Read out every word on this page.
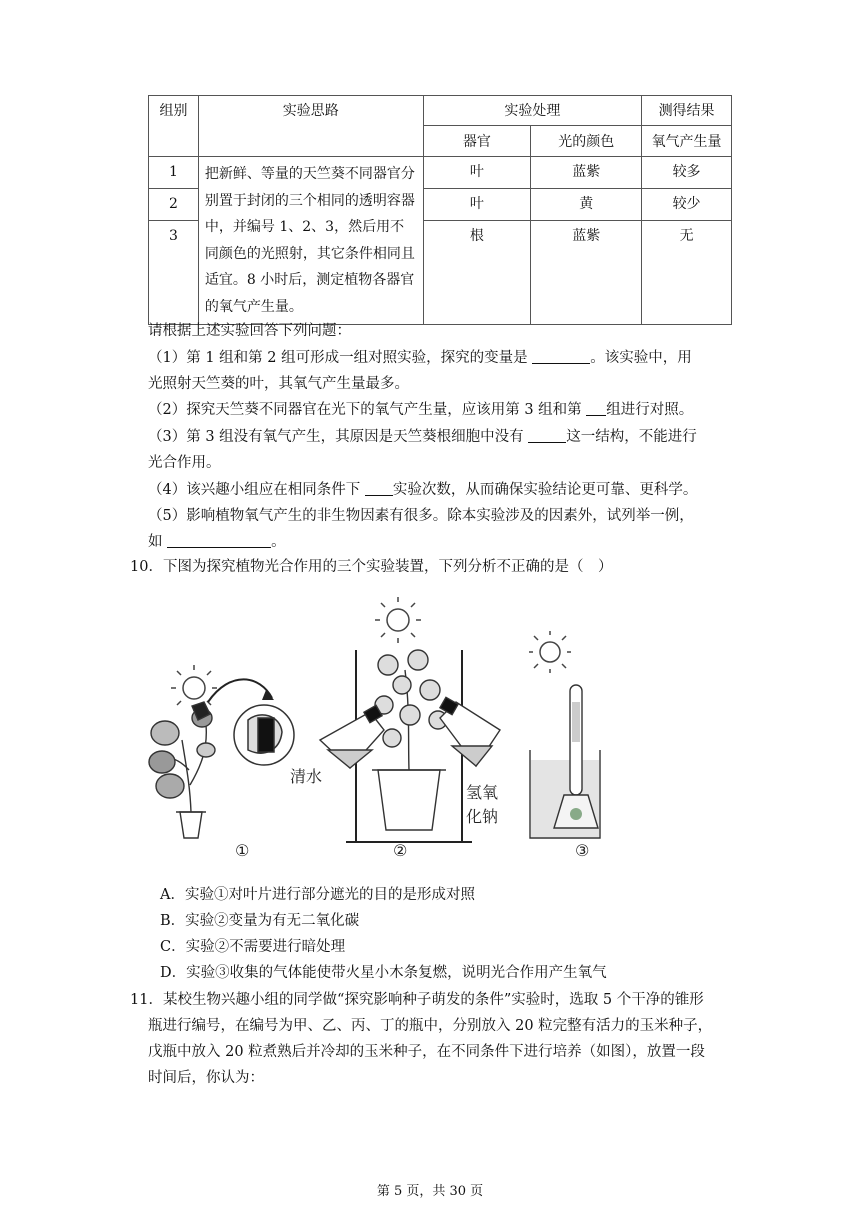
组别	实验思路	实验处理		测得结果
		器官	光的颜色	氧气产生量
1	把新鲜、等量的天竺葵不同器官分别置于封闭的三个相同的透明容器中，并编号 1、2、3，然后用不同颜色的光照射，其它条件相同且适宜。8 小时后，测定植物各器官的氧气产生量。	叶	蓝紫	较多
2		叶	黄	较少
3		根	蓝紫	无
请根据上述实验回答下列问题：
（1）第 1 组和第 2 组可形成一组对照实验，探究的变量是	。该实验中，用
光照射天竺葵的叶，其氧气产生量最多。
（2）探究天竺葵不同器官在光下的氧气产生量，应该用第 3 组和第 组进行对照。
（3）第 3 组没有氧气产生，其原因是天竺葵根细胞中没有	这一结构，不能进行
光合作用。
（4）该兴趣小组应在相同条件下 实验次数，从而确保实验结论更可靠、更科学。
（5）影响植物氧气产生的非生物因素有很多。除本实验涉及的因素外，试列举一例，
如	。
10．下图为探究植物光合作用的三个实验装置，下列分析不正确的是（　）
清水
氢氧
化钠
①	②	③
A．实验①对叶片进行部分遮光的目的是形成对照
B．实验②变量为有无二氧化碳
C．实验②不需要进行暗处理
D．实验③收集的气体能使带火星小木条复燃，说明光合作用产生氧气
11．某校生物兴趣小组的同学做“探究影响种子萌发的条件”实验时，选取 5 个干净的锥形
瓶进行编号，在编号为甲、乙、丙、丁的瓶中，分别放入 20 粒完整有活力的玉米种子，
戊瓶中放入 20 粒煮熟后并冷却的玉米种子，在不同条件下进行培养（如图），放置一段
时间后，你认为：
第 5 页，共 30 页
